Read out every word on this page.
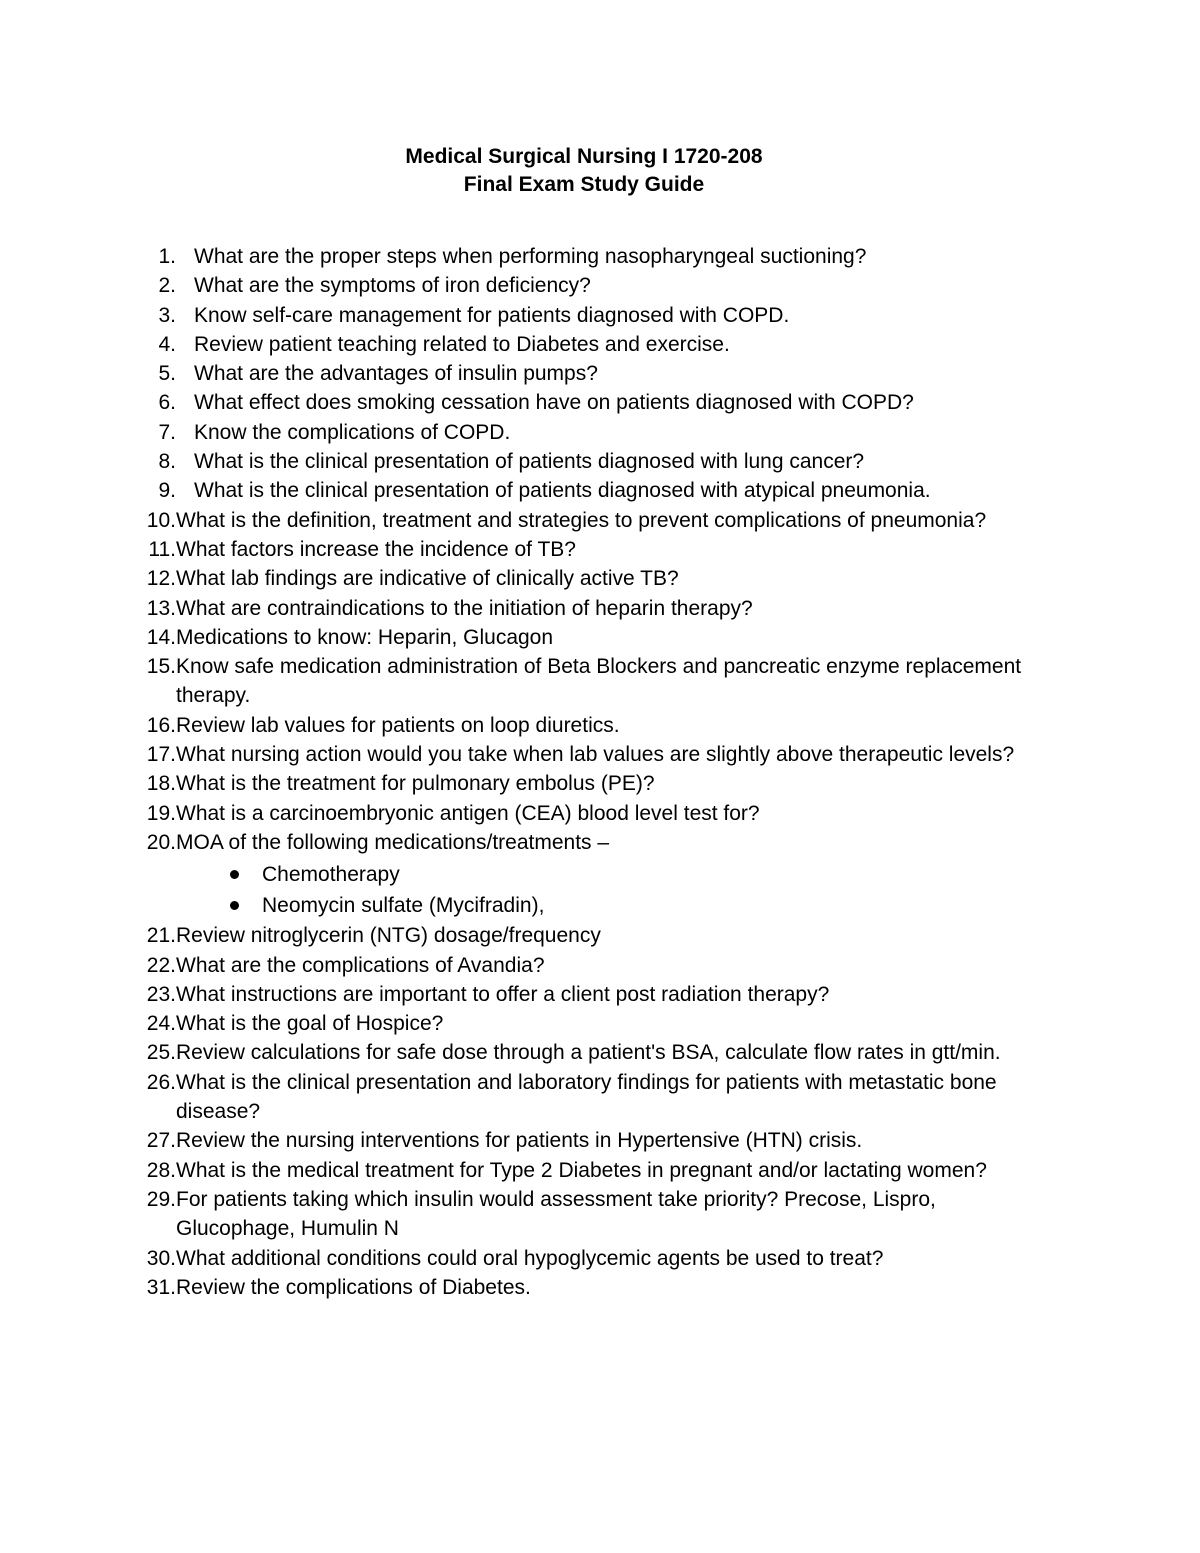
Medical Surgical Nursing I 1720-208
Final Exam Study Guide
1. What are the proper steps when performing nasopharyngeal suctioning?
2. What are the symptoms of iron deficiency?
3. Know self-care management for patients diagnosed with COPD.
4. Review patient teaching related to Diabetes and exercise.
5. What are the advantages of insulin pumps?
6. What effect does smoking cessation have on patients diagnosed with COPD?
7. Know the complications of COPD.
8. What is the clinical presentation of patients diagnosed with lung cancer?
9. What is the clinical presentation of patients diagnosed with atypical pneumonia.
10. What is the definition, treatment and strategies to prevent complications of pneumonia?
11. What factors increase the incidence of TB?
12. What lab findings are indicative of clinically active TB?
13. What are contraindications to the initiation of heparin therapy?
14. Medications to know: Heparin, Glucagon
15. Know safe medication administration of Beta Blockers and pancreatic enzyme replacement therapy.
16. Review lab values for patients on loop diuretics.
17. What nursing action would you take when lab values are slightly above therapeutic levels?
18. What is the treatment for pulmonary embolus (PE)?
19. What is a carcinoembryonic antigen (CEA) blood level test for?
20. MOA of the following medications/treatments –
Chemotherapy
Neomycin sulfate (Mycifradin),
21. Review nitroglycerin (NTG) dosage/frequency
22. What are the complications of Avandia?
23. What instructions are important to offer a client post radiation therapy?
24. What is the goal of Hospice?
25. Review calculations for safe dose through a patient's BSA, calculate flow rates in gtt/min.
26. What is the clinical presentation and laboratory findings for patients with metastatic bone disease?
27. Review the nursing interventions for patients in Hypertensive (HTN) crisis.
28. What is the medical treatment for Type 2 Diabetes in pregnant and/or lactating women?
29. For patients taking which insulin would assessment take priority? Precose, Lispro, Glucophage, Humulin N
30. What additional conditions could oral hypoglycemic agents be used to treat?
31. Review the complications of Diabetes.
